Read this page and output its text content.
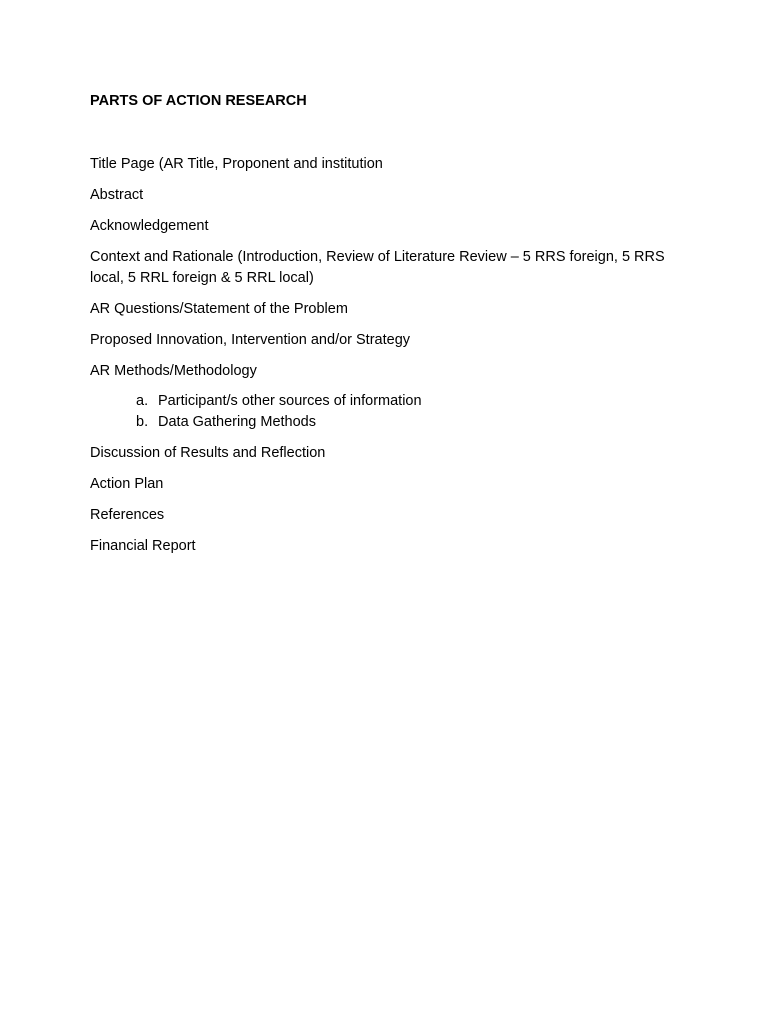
PARTS OF ACTION RESEARCH
Title Page (AR Title, Proponent and institution
Abstract
Acknowledgement
Context and Rationale (Introduction, Review of Literature Review – 5 RRS foreign, 5 RRS local, 5 RRL foreign & 5 RRL local)
AR Questions/Statement of the Problem
Proposed Innovation, Intervention and/or Strategy
AR Methods/Methodology
a. Participant/s other sources of information
b. Data Gathering Methods
Discussion of Results and Reflection
Action Plan
References
Financial Report
